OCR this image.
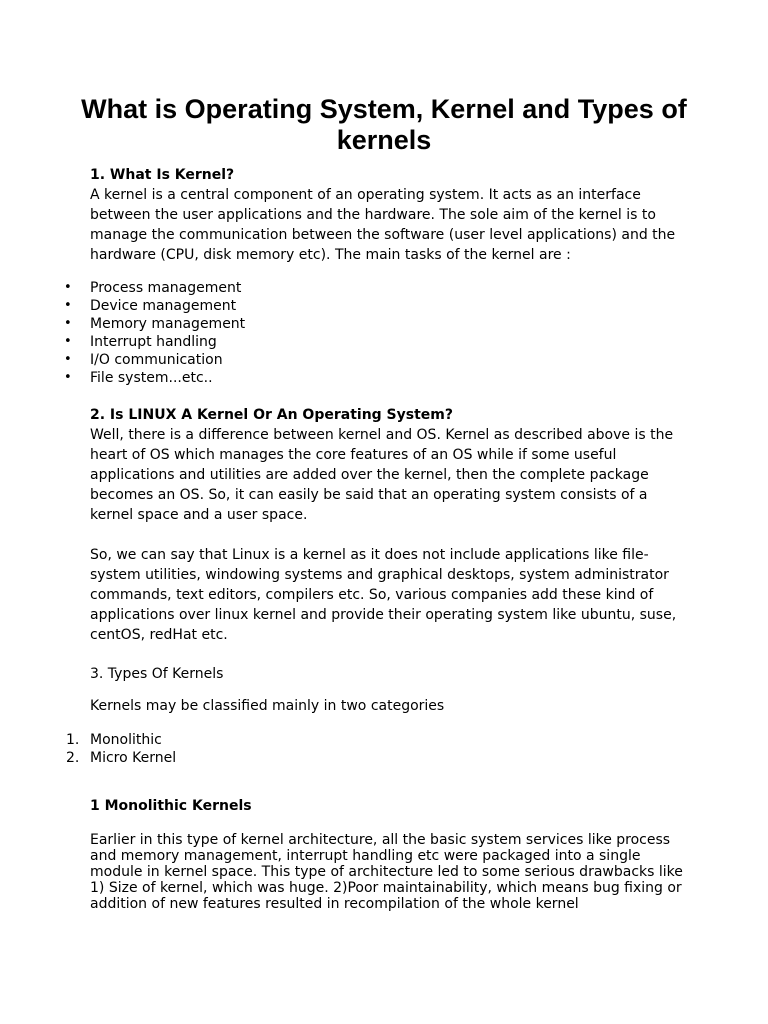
What is Operating System, Kernel and Types of kernels
1. What Is Kernel?
A kernel is a central component of an operating system. It acts as an interface between the user applications and the hardware. The sole aim of the kernel is to manage the communication between the software (user level applications) and the hardware (CPU, disk memory etc). The main tasks of the kernel are :
• Process management
• Device management
• Memory management
• Interrupt handling
• I/O communication
• File system...etc..
2. Is LINUX A Kernel Or An Operating System?
Well, there is a difference between kernel and OS. Kernel as described above is the heart of OS which manages the core features of an OS while if some useful applications and utilities are added over the kernel, then the complete package becomes an OS. So, it can easily be said that an operating system consists of a kernel space and a user space.
So, we can say that Linux is a kernel as it does not include applications like file-system utilities, windowing systems and graphical desktops, system administrator commands, text editors, compilers etc. So, various companies add these kind of applications over linux kernel and provide their operating system like ubuntu, suse, centOS, redHat etc.
3. Types Of Kernels
Kernels may be classified mainly in two categories
1. Monolithic
2. Micro Kernel
1 Monolithic Kernels
Earlier in this type of kernel architecture, all the basic system services like process and memory management, interrupt handling etc were packaged into a single module in kernel space. This type of architecture led to some serious drawbacks like 1) Size of kernel, which was huge. 2)Poor maintainability, which means bug fixing or addition of new features resulted in recompilation of the whole kernel
